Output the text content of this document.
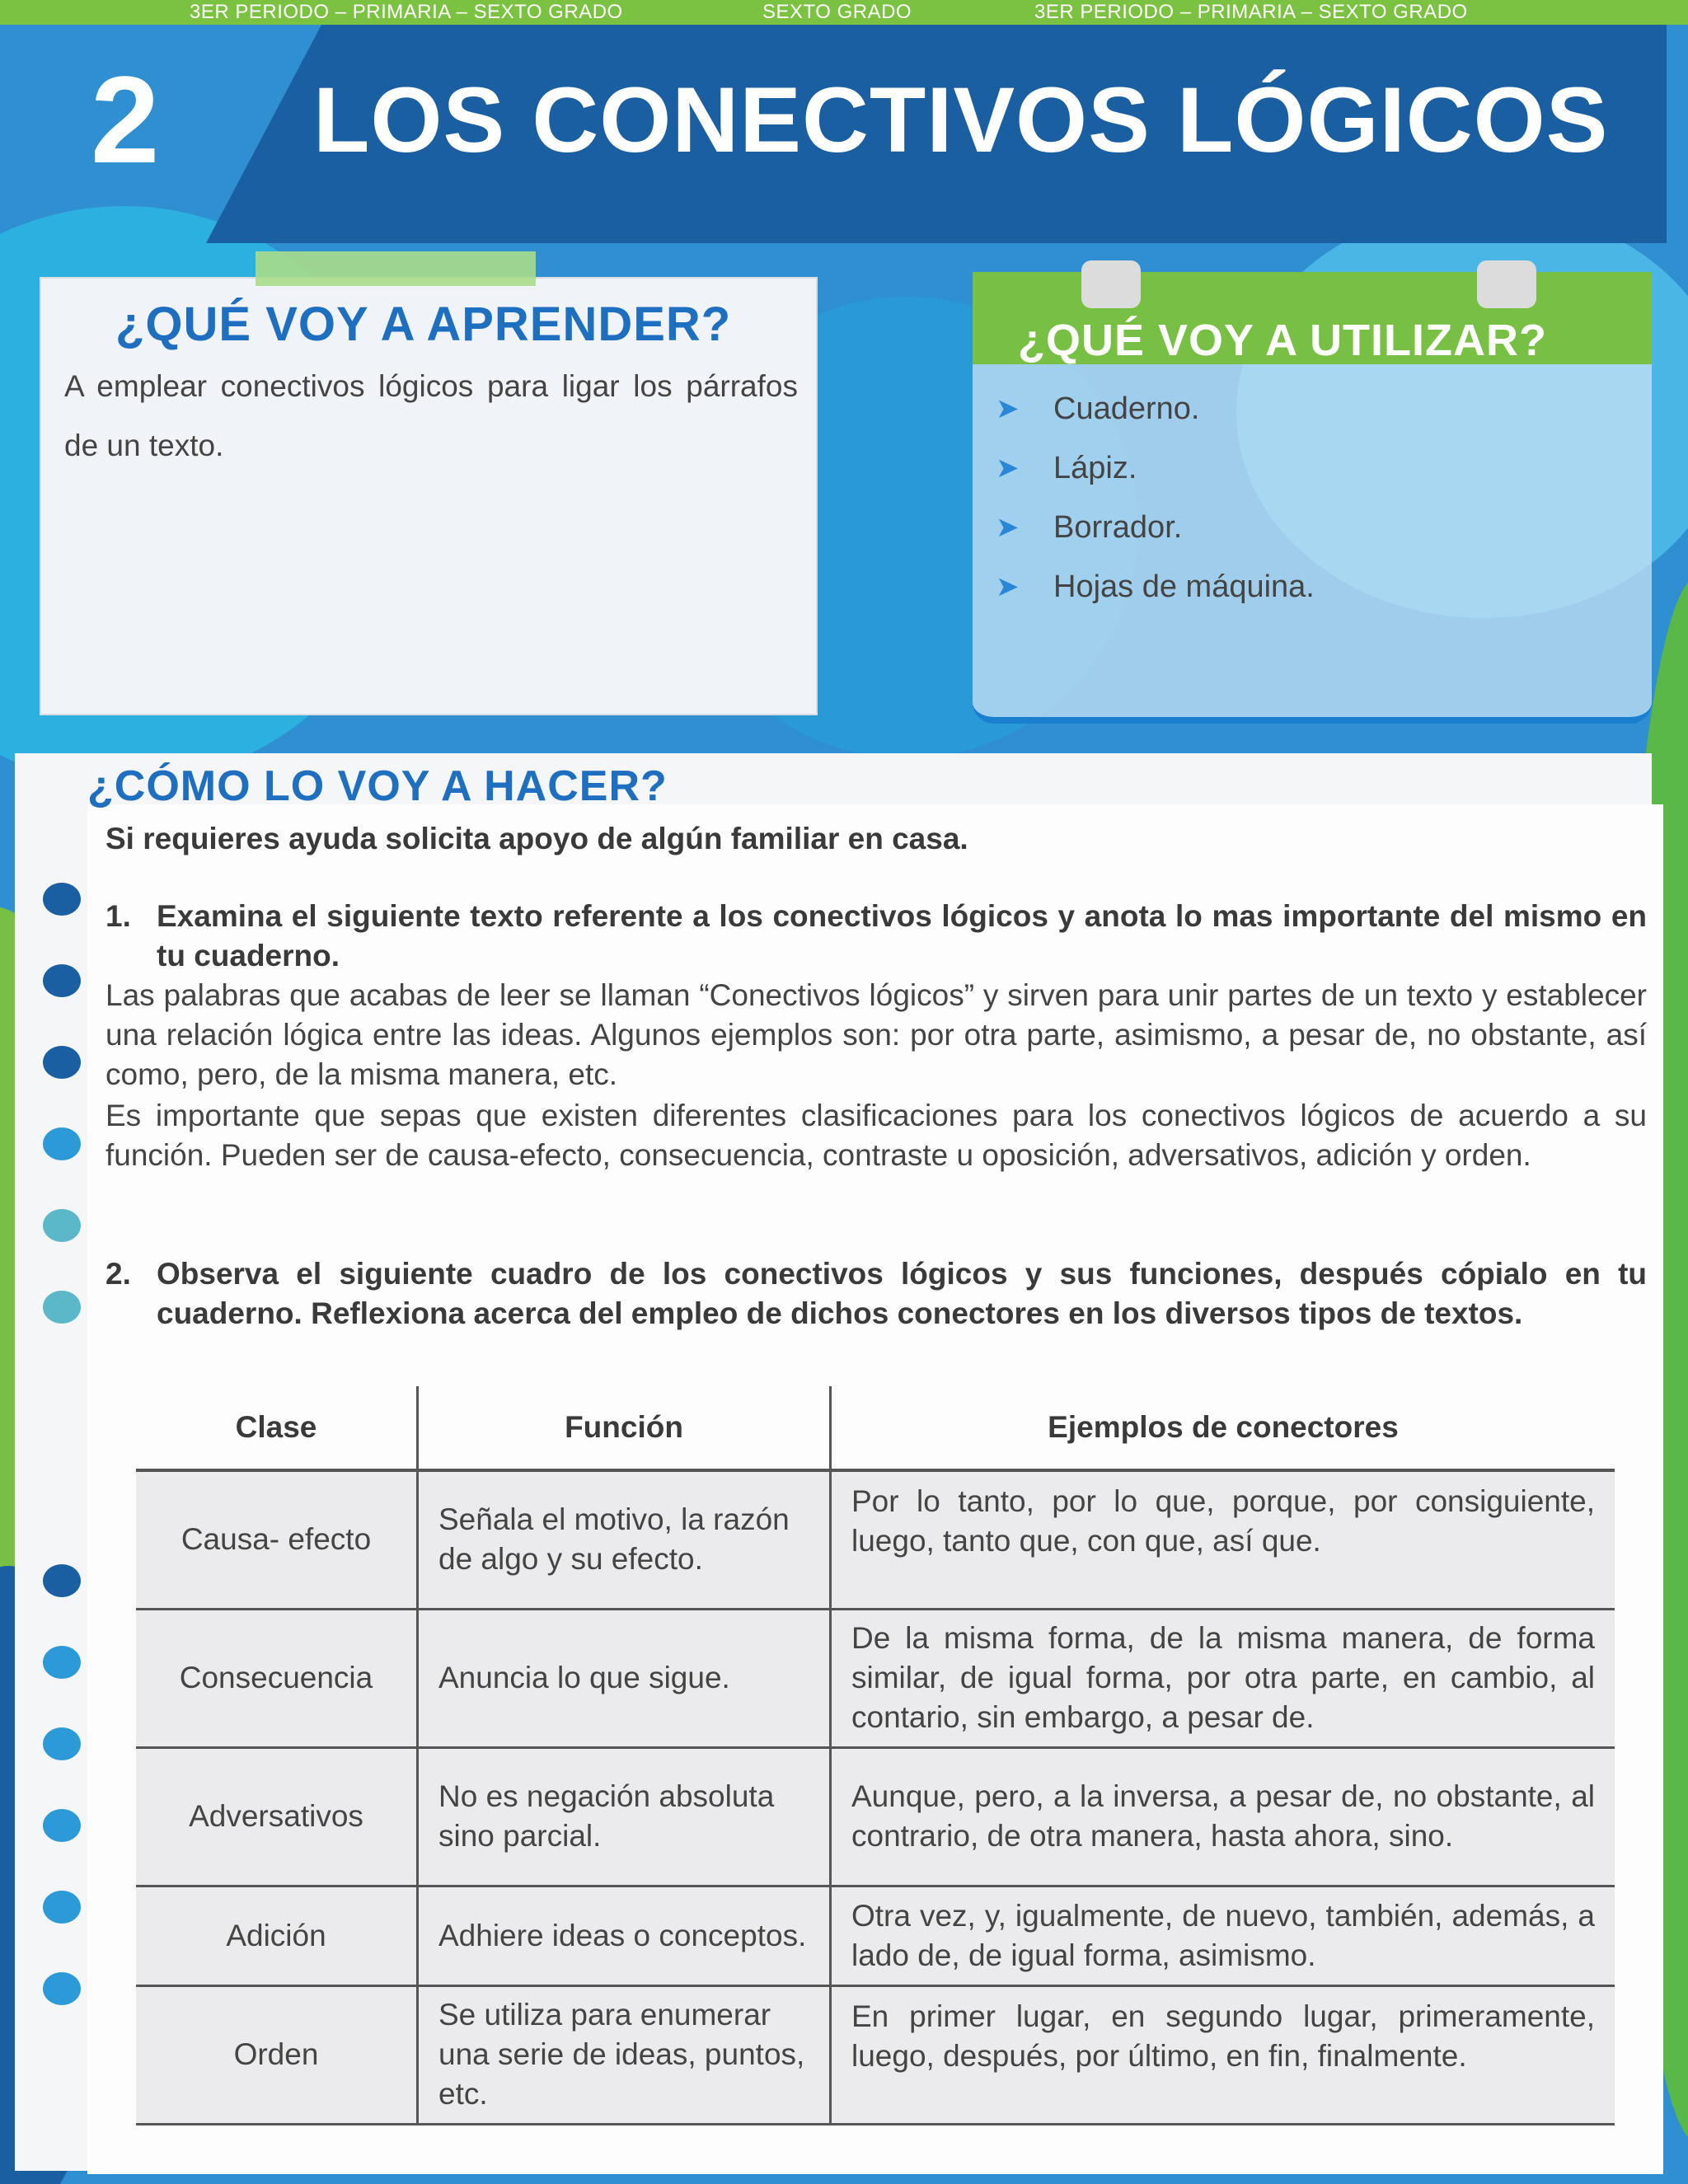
3ER PERIODO – PRIMARIA – SEXTO GRADO	SEXTO GRADO	3ER PERIODO – PRIMARIA – SEXTO GRADO
2 LOS CONECTIVOS LÓGICOS
¿QUÉ VOY A APRENDER?

A emplear conectivos lógicos para ligar los párrafos de un texto.

¿QUÉ VOY A UTILIZAR?
➤	Cuaderno.
➤	Lápiz.
➤	Borrador.
➤	Hojas de máquina.
¿CÓMO LO VOY A HACER?

Si requieres ayuda solicita apoyo de algún familiar en casa.

1. Examina el siguiente texto referente a los conectivos lógicos y anota lo mas importante del mismo en tu cuaderno.

Las palabras que acabas de leer se llaman “Conectivos lógicos” y sirven para unir partes de un texto y establecer una relación lógica entre las ideas. Algunos ejemplos son: por otra parte, asimismo, a pesar de, no obstante, así como, pero, de la misma manera, etc.

Es importante que sepas que existen diferentes clasificaciones para los conectivos lógicos de acuerdo a su función. Pueden ser de causa-efecto, consecuencia, contraste u oposición, adversativos, adición y orden.

2. Observa el siguiente cuadro de los conectivos lógicos y sus funciones, después cópialo en tu cuaderno. Reflexiona acerca del empleo de dichos conectores en los diversos tipos de textos.
Clase	Función	Ejemplos de conectores
Causa- efecto	Señala el motivo, la razón de algo y su efecto.	Por lo tanto, por lo que, porque, por consiguiente, luego, tanto que, con que, así que.
Consecuencia	Anuncia lo que sigue.	De la misma forma, de la misma manera, de forma similar, de igual forma, por otra parte, en cambio, al contario, sin embargo, a pesar de.
Adversativos	No es negación absoluta sino parcial.	Aunque, pero, a la inversa, a pesar de, no obstante, al contrario, de otra manera, hasta ahora, sino.
Adición	Adhiere ideas o conceptos.	Otra vez, y, igualmente, de nuevo, también, además, a lado de, de igual forma, asimismo.
Orden	Se utiliza para enumerar una serie de ideas, puntos, etc.	En primer lugar, en segundo lugar, primeramente, luego, después, por último, en fin, finalmente.
